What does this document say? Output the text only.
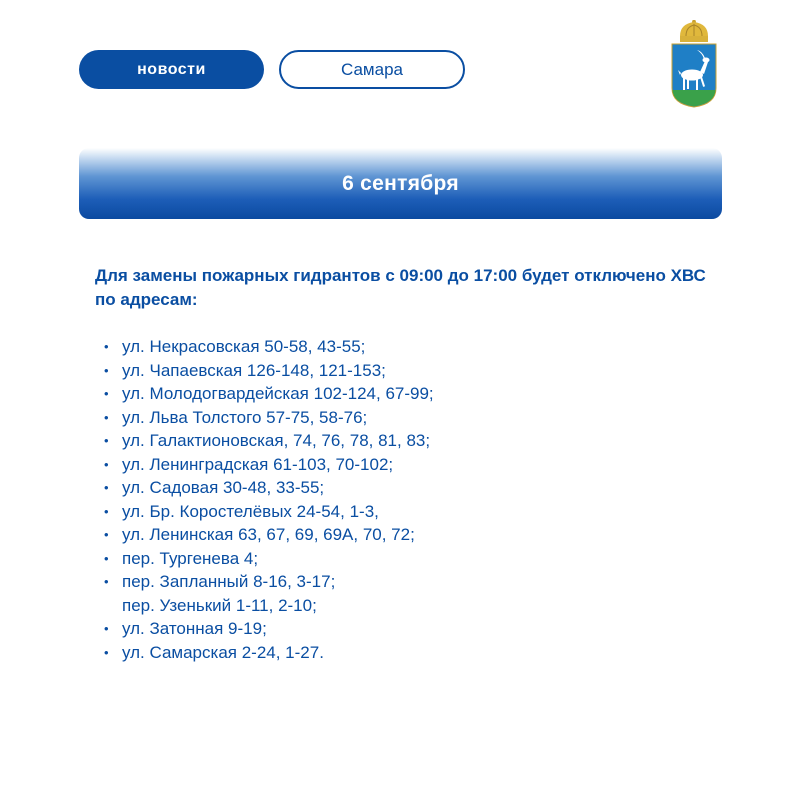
новости	Самара
6 сентября

Для замены пожарных гидрантов с 09:00 до 17:00 будет отключено ХВС по адресам:

• ул. Некрасовская 50-58, 43-55;
• ул. Чапаевская 126-148, 121-153;
• ул. Молодогвардейская 102-124, 67-99;
• ул. Льва Толстого 57-75, 58-76;
• ул. Галактионовская, 74, 76, 78, 81, 83;
• ул. Ленинградская 61-103, 70-102;
• ул. Садовая 30-48, 33-55;
• ул. Бр. Коростелёвых 24-54, 1-3,
• ул. Ленинская 63, 67, 69, 69А, 70, 72;
• пер. Тургенева 4;
• пер. Запланный 8-16, 3-17;
пер. Узенький 1-11, 2-10;
• ул. Затонная 9-19;
• ул. Самарская 2-24, 1-27.
